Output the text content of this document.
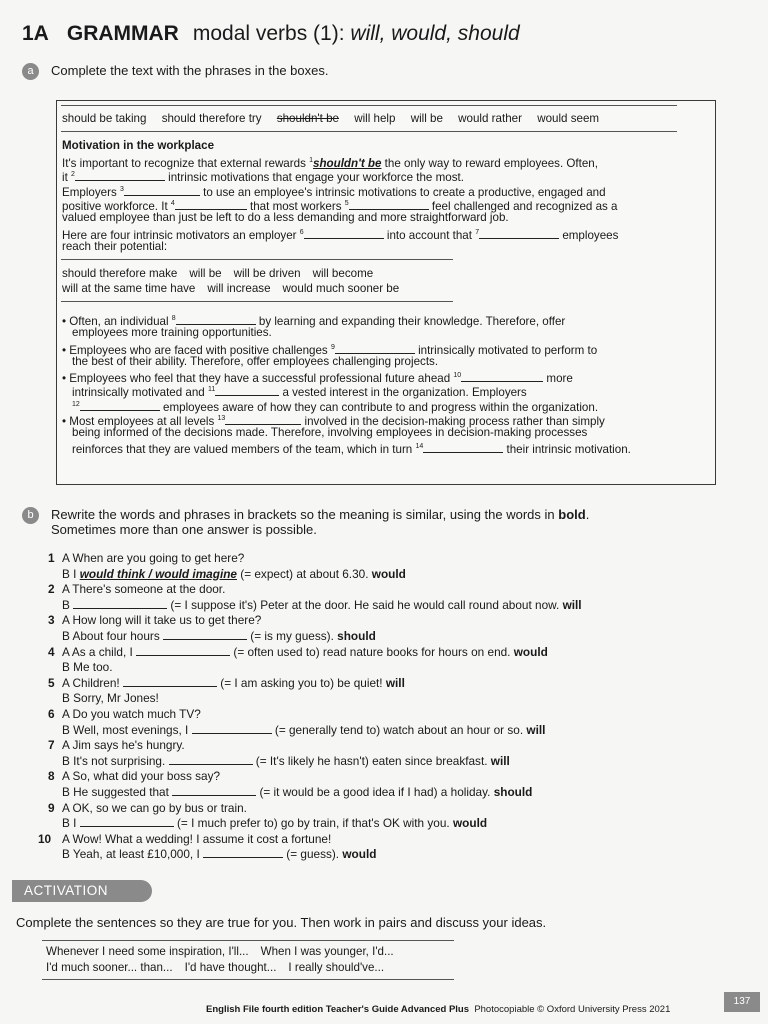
1A GRAMMAR modal verbs (1): will, would, should
a Complete the text with the phrases in the boxes.
should be taking should therefore try shouldn't be will help will be would rather would seem
Motivation in the workplace
It's important to recognize that external rewards $^1$shouldn't be the only way to reward employees. Often,
it $^2$	intrinsic motivations that engage your workforce the most.
Employers $^3$	to use an employee's intrinsic motivations to create a productive, engaged and
positive workforce. It $^4$	that most workers $^5$	feel challenged and recognized as a
valued employee than just be left to do a less demanding and more straightforward job.
Here are four intrinsic motivators an employer $^6$	into account that $^7$	employees
reach their potential:
should therefore make will be will be driven will become
will at the same time have will increase would much sooner be
• Often, an individual $^8$	by learning and expanding their knowledge. Therefore, offer
employees more training opportunities.
• Employees who are faced with positive challenges $^9$	intrinsically motivated to perform to
the best of their ability. Therefore, offer employees challenging projects.
• Employees who feel that they have a successful professional future ahead $^{10}$	more
intrinsically motivated and $^{11}$	a vested interest in the organization. Employers
$^{12}$	employees aware of how they can contribute to and progress within the organization.
• Most employees at all levels $^{13}$	involved in the decision-making process rather than simply
being informed of the decisions made. Therefore, involving employees in decision-making processes
reinforces that they are valued members of the team, which in turn $^{14}$	their intrinsic motivation.
b Rewrite the words and phrases in brackets so the meaning is similar, using the words in bold.
Sometimes more than one answer is possible.
1 A When are you going to get here?
B I would think / would imagine (= expect) at about 6.30. would
2 A There's someone at the door.
B	(= I suppose it's) Peter at the door. He said he would call round about now. will
3 A How long will it take us to get there?
B About four hours	(= is my guess). should
4 A As a child, I	(= often used to) read nature books for hours on end. would
B Me too.
5 A Children!	(= I am asking you to) be quiet! will
B Sorry, Mr Jones!
6 A Do you watch much TV?
B Well, most evenings, I	(= generally tend to) watch about an hour or so. will
7 A Jim says he's hungry.
B It's not surprising.	(= It's likely he hasn't) eaten since breakfast. will
8 A So, what did your boss say?
B He suggested that	(= it would be a good idea if I had) a holiday. should
9 A OK, so we can go by bus or train.
B I	(= I much prefer to) go by train, if that's OK with you. would
10 A Wow! What a wedding! I assume it cost a fortune!
B Yeah, at least £10,000, I	(= guess). would
ACTIVATION
Complete the sentences so they are true for you. Then work in pairs and discuss your ideas.
Whenever I need some inspiration, I'll... When I was younger, I'd...
I'd much sooner... than... I'd have thought... I really should've...
English File fourth edition Teacher's Guide Advanced Plus Photocopiable © Oxford University Press 2021
137
